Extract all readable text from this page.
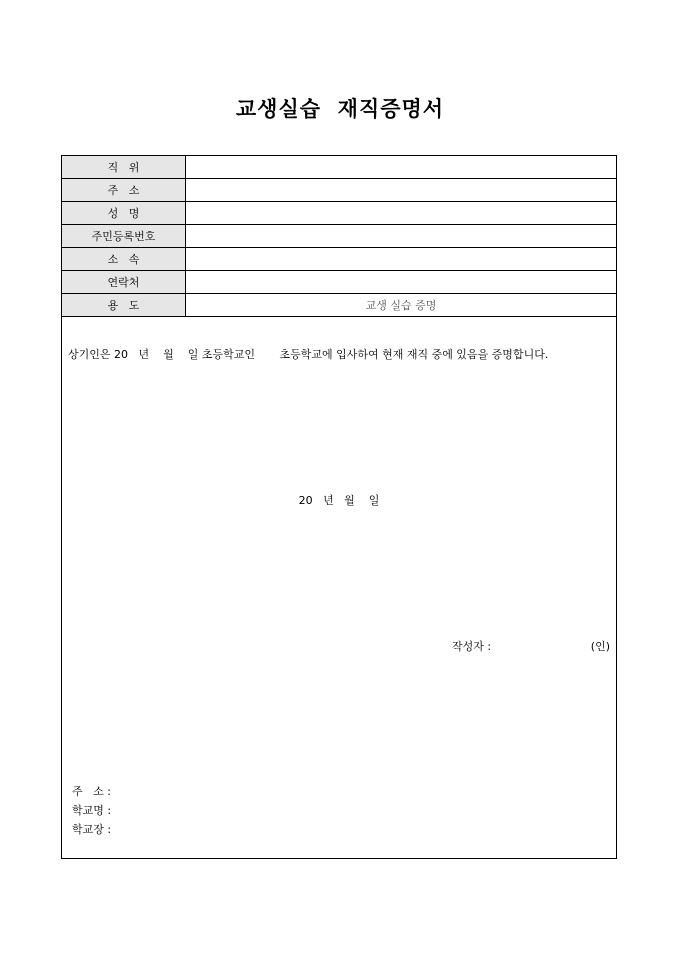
교생실습  재직증명서
직   위	
주   소	
성   명	
주민등록번호	
소   속	
연락처	
용   도	교생 실습 증명
상기인은 20   년    월    일 초등학교인       초등학교에 입사하여 현재 재직 중에 있음을 증명합니다.
20   년   월    일
작성자 :	(인)
주   소 :
학교명 :
학교장 :
